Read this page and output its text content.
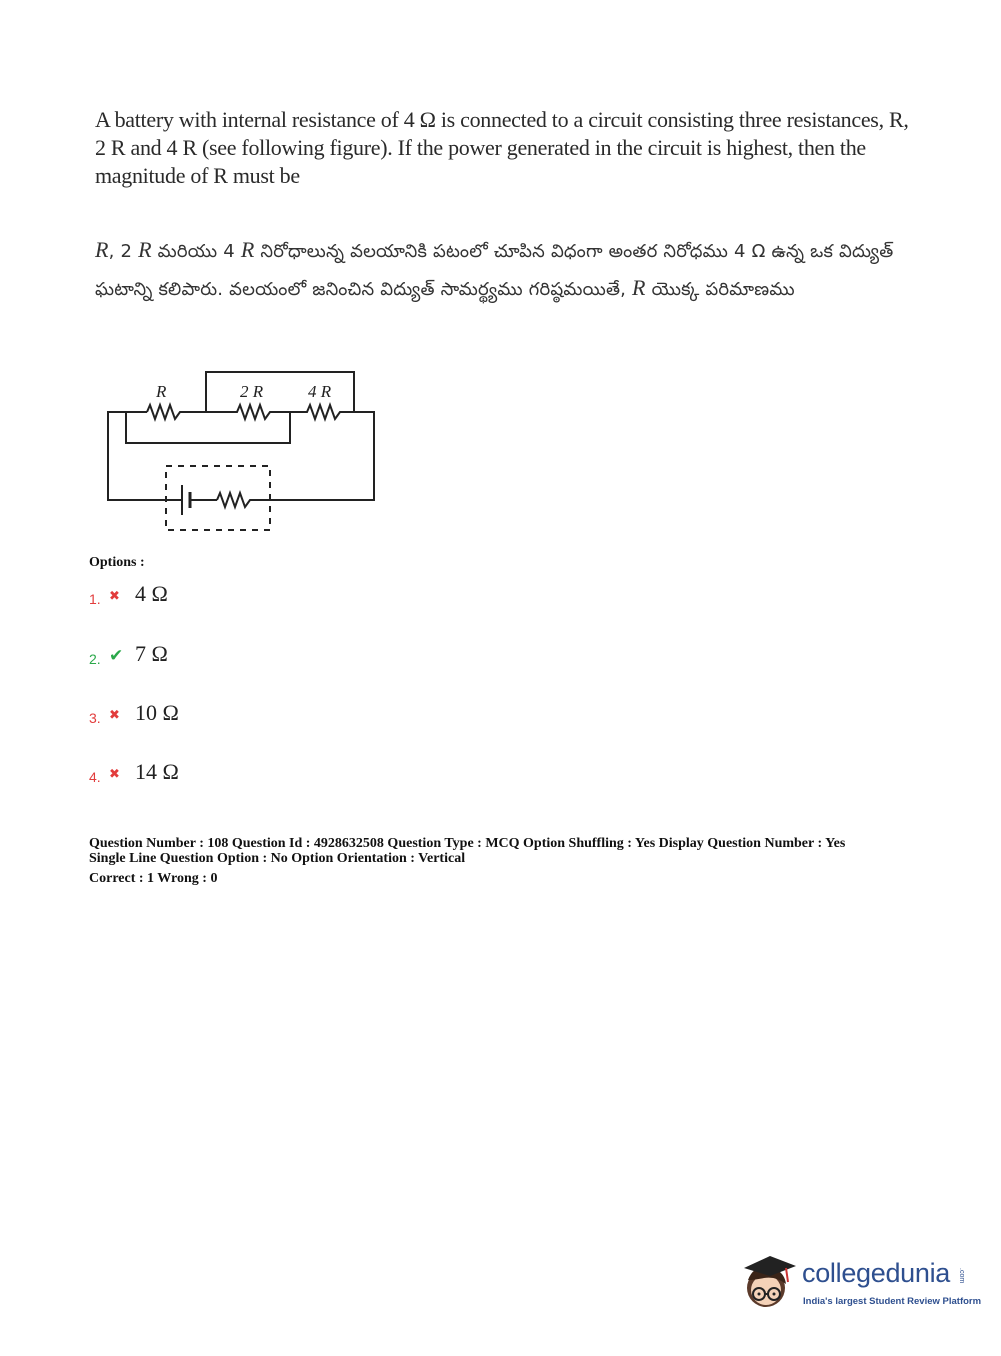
A battery with internal resistance of 4 Ω is connected to a circuit consisting three resistances, R, 2 R and 4 R (see following figure). If the power generated in the circuit is highest, then the magnitude of R must be
R, 2 R మరియు 4 R నిరోధాలున్న వలయానికి పటంలో చూపిన విధంగా అంతర నిరోధము 4 Ω ఉన్న ఒక విద్యుత్ ఘటాన్ని కలిపారు. వలయంలో జనించిన విద్యుత్ సామర్థ్యము గరిష్ఠమయితే, R యొక్క పరిమాణము
R	2 R	4 R
Options :
1. ✖ 4 Ω
2. ✔ 7 Ω
3. ✖ 10 Ω
4. ✖ 14 Ω
Question Number : 108 Question Id : 4928632508 Question Type : MCQ Option Shuffling : Yes Display Question Number : Yes
Single Line Question Option : No Option Orientation : Vertical
Correct : 1 Wrong : 0
collegedunia .com
India's largest Student Review Platform
